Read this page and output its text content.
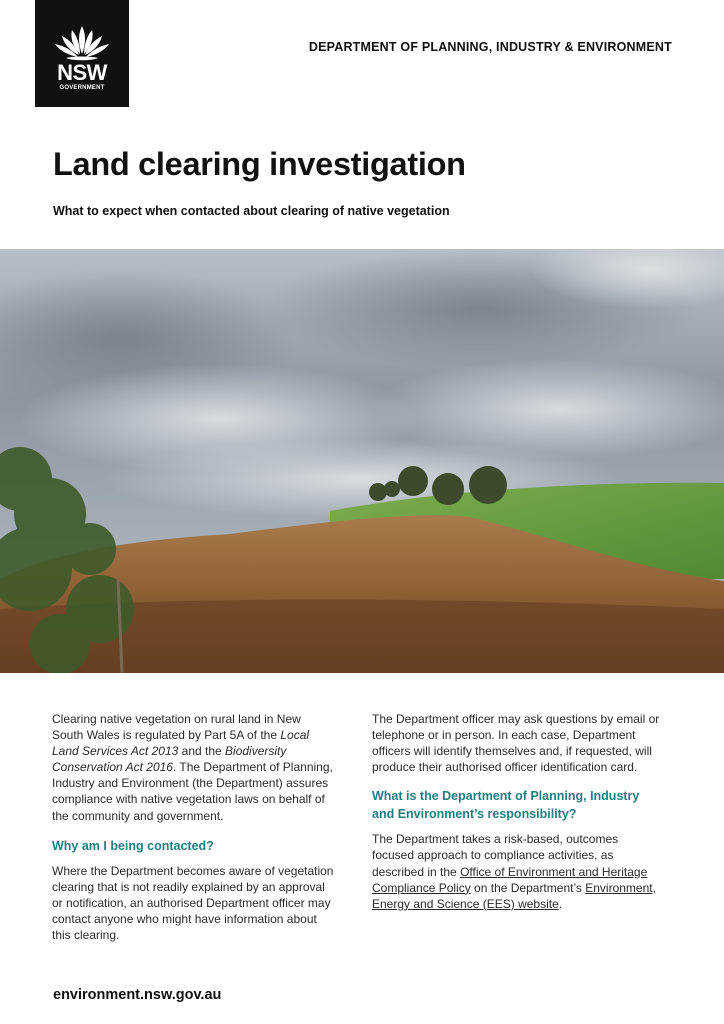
NSW
GOVERNMENT
DEPARTMENT OF PLANNING, INDUSTRY & ENVIRONMENT
Land clearing investigation
What to expect when contacted about clearing of native vegetation

Clearing native vegetation on rural land in New South Wales is regulated by Part 5A of the Local Land Services Act 2013 and the Biodiversity Conservation Act 2016. The Department of Planning, Industry and Environment (the Department) assures compliance with native vegetation laws on behalf of the community and government.

Why am I being contacted?

Where the Department becomes aware of vegetation clearing that is not readily explained by an approval or notification, an authorised Department officer may contact anyone who might have information about this clearing.

The Department officer may ask questions by email or telephone or in person. In each case, Department officers will identify themselves and, if requested, will produce their authorised officer identification card.

What is the Department of Planning, Industry and Environment’s responsibility?

The Department takes a risk-based, outcomes focused approach to compliance activities, as described in the Office of Environment and Heritage Compliance Policy on the Department’s Environment, Energy and Science (EES) website.

environment.nsw.gov.au
